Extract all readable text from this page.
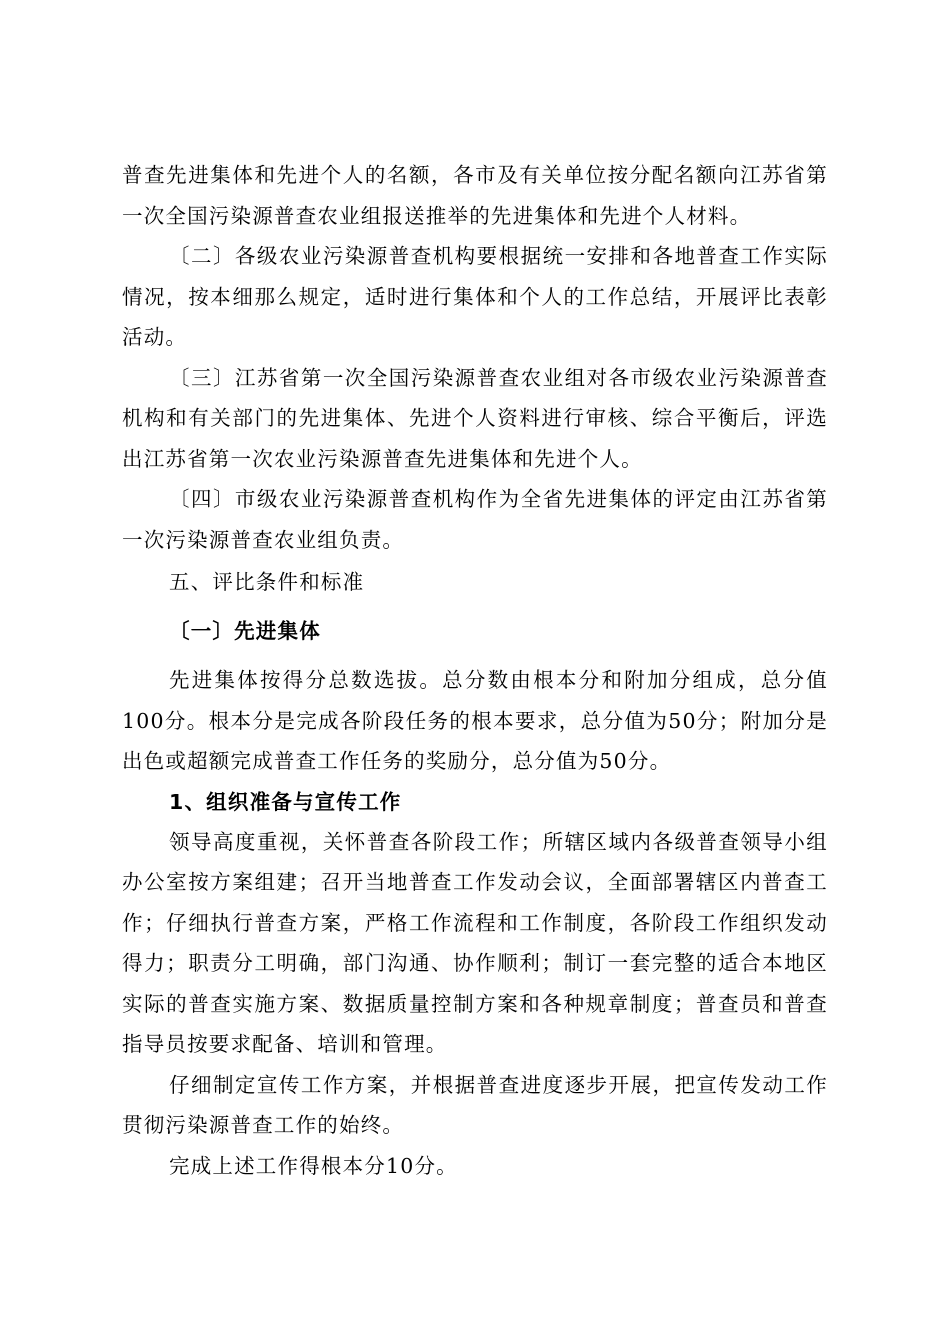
普查先进集体和先进个人的名额，各市及有关单位按分配名额向江苏省第一次全国污染源普查农业组报送推举的先进集体和先进个人材料。

〔二〕各级农业污染源普查机构要根据统一安排和各地普查工作实际情况，按本细那么规定，适时进行集体和个人的工作总结，开展评比表彰活动。

〔三〕江苏省第一次全国污染源普查农业组对各市级农业污染源普查机构和有关部门的先进集体、先进个人资料进行审核、综合平衡后，评选出江苏省第一次农业污染源普查先进集体和先进个人。

〔四〕市级农业污染源普查机构作为全省先进集体的评定由江苏省第一次污染源普查农业组负责。

五、评比条件和标准

〔一〕先进集体

先进集体按得分总数选拔。总分数由根本分和附加分组成，总分值100分。根本分是完成各阶段任务的根本要求，总分值为50分；附加分是出色或超额完成普查工作任务的奖励分，总分值为50分。

1、组织准备与宣传工作

领导高度重视，关怀普查各阶段工作；所辖区域内各级普查领导小组办公室按方案组建；召开当地普查工作发动会议，全面部署辖区内普查工作；仔细执行普查方案，严格工作流程和工作制度，各阶段工作组织发动得力；职责分工明确，部门沟通、协作顺利；制订一套完整的适合本地区实际的普查实施方案、数据质量控制方案和各种规章制度；普查员和普查指导员按要求配备、培训和管理。

仔细制定宣传工作方案，并根据普查进度逐步开展，把宣传发动工作贯彻污染源普查工作的始终。

完成上述工作得根本分10分。
